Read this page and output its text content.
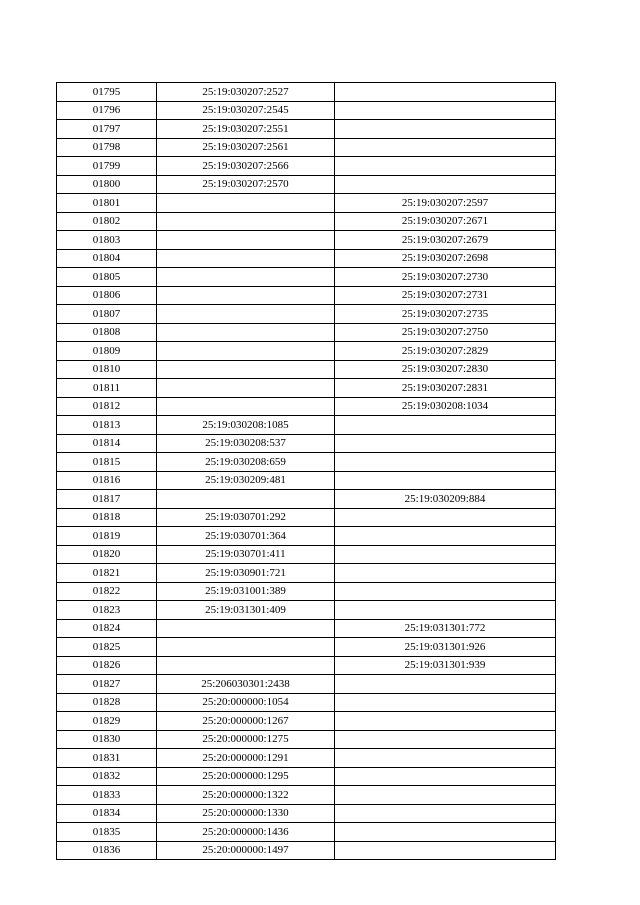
01795	25:19:030207:2527	
01796	25:19:030207:2545	
01797	25:19:030207:2551	
01798	25:19:030207:2561	
01799	25:19:030207:2566	
01800	25:19:030207:2570	
01801		25:19:030207:2597
01802		25:19:030207:2671
01803		25:19:030207:2679
01804		25:19:030207:2698
01805		25:19:030207:2730
01806		25:19:030207:2731
01807		25:19:030207:2735
01808		25:19:030207:2750
01809		25:19:030207:2829
01810		25:19:030207:2830
01811		25:19:030207:2831
01812		25:19:030208:1034
01813	25:19:030208:1085	
01814	25:19:030208:537	
01815	25:19:030208:659	
01816	25:19:030209:481	
01817		25:19:030209:884
01818	25:19:030701:292	
01819	25:19:030701:364	
01820	25:19:030701:411	
01821	25:19:030901:721	
01822	25:19:031001:389	
01823	25:19:031301:409	
01824		25:19:031301:772
01825		25:19:031301:926
01826		25:19:031301:939
01827	25:206030301:2438	
01828	25:20:000000:1054	
01829	25:20:000000:1267	
01830	25:20:000000:1275	
01831	25:20:000000:1291	
01832	25:20:000000:1295	
01833	25:20:000000:1322	
01834	25:20:000000:1330	
01835	25:20:000000:1436	
01836	25:20:000000:1497	
